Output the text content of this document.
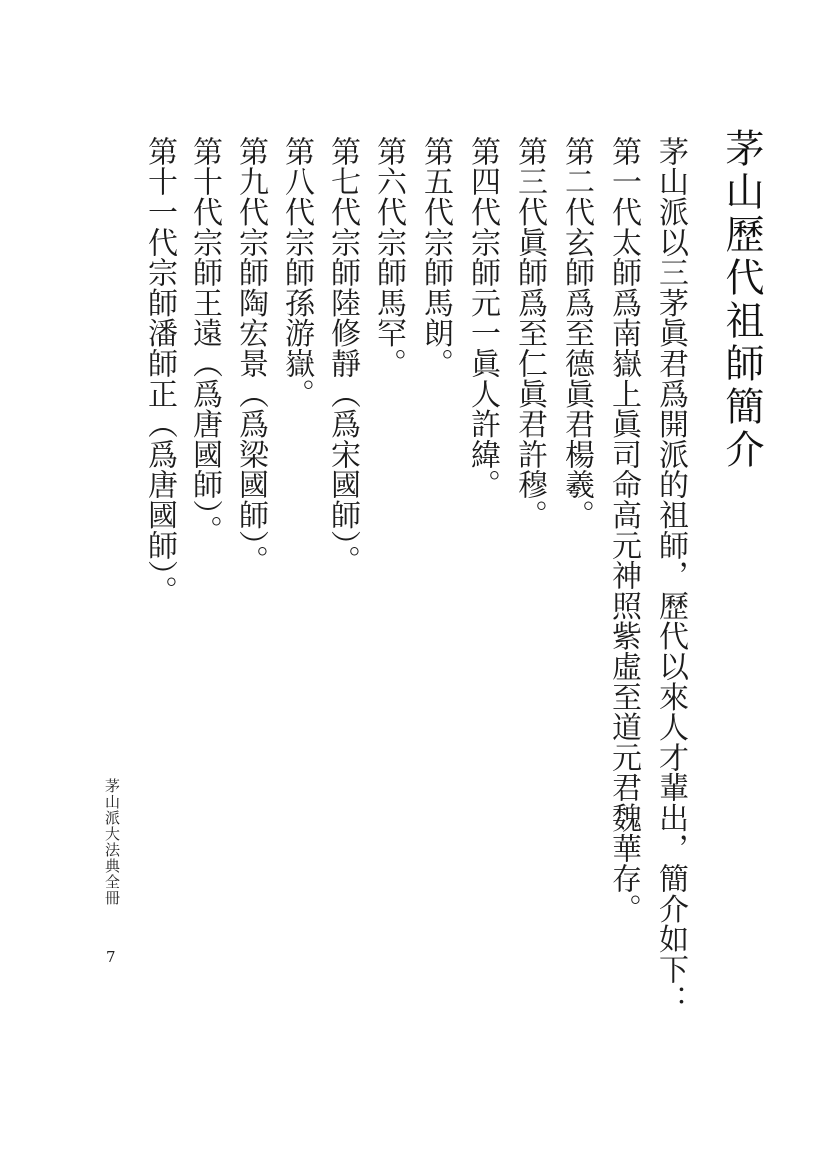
茅山歷代祖師簡介

茅山派以三茅眞君爲開派的祖師，歷代以來人才輩出，簡介如下：

第一代太師爲南嶽上眞司命高元神照紫虛至道元君魏華存。

第二代玄師爲至德眞君楊羲。

第三代眞師爲至仁眞君許穆。

第四代宗師元一眞人許緯。

第五代宗師馬朗。

第六代宗師馬罕。

第七代宗師陸修靜（爲宋國師）。

第八代宗師孫游嶽。

第九代宗師陶宏景（爲梁國師）。

第十代宗師王遠（爲唐國師）。

第十一代宗師潘師正（爲唐國師）。

茅山派大法典全冊
7
